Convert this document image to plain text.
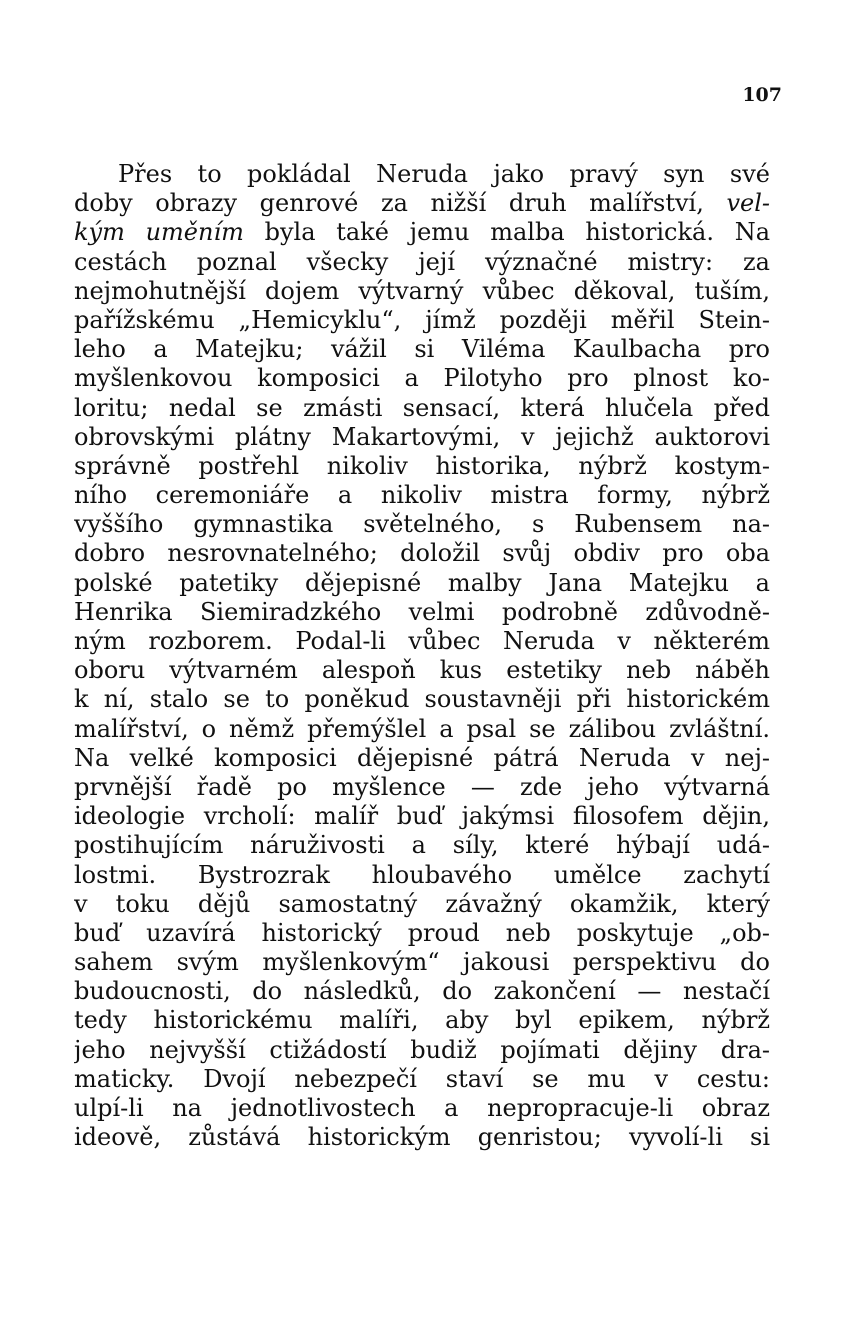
107
Přes to pokládal Neruda jako pravý syn své
doby obrazy genrové za nižší druh malířství, vel-
kým uměním byla také jemu malba historická. Na
cestách poznal všecky její význačné mistry: za
nejmohutnější dojem výtvarný vůbec děkoval, tuším,
pařížskému „Hemicyklu“, jímž později měřil Stein-
leho a Matejku; vážil si Viléma Kaulbacha pro
myšlenkovou komposici a Pilotyho pro plnost ko-
loritu; nedal se zmásti sensací, která hlučela před
obrovskými plátny Makartovými, v jejichž auktorovi
správně postřehl nikoliv historika, nýbrž kostym-
ního ceremoniáře a nikoliv mistra formy, nýbrž
vyššího gymnastika světelného, s Rubensem na-
dobro nesrovnatelného; doložil svůj obdiv pro oba
polské patetiky dějepisné malby Jana Matejku a
Henrika Siemiradzkého velmi podrobně zdůvodně-
ným rozborem. Podal-li vůbec Neruda v některém
oboru výtvarném alespoň kus estetiky neb náběh
k ní, stalo se to poněkud soustavněji při historickém
malířství, o němž přemýšlel a psal se zálibou zvláštní.
Na velké komposici dějepisné pátrá Neruda v nej-
prvnější řadě po myšlence — zde jeho výtvarná
ideologie vrcholí: malíř buď jakýmsi filosofem dějin,
postihujícím náruživosti a síly, které hýbají udá-
lostmi. Bystrozrak hloubavého umělce zachytí
v toku dějů samostatný závažný okamžik, který
buď uzavírá historický proud neb poskytuje „ob-
sahem svým myšlenkovým“ jakousi perspektivu do
budoucnosti, do následků, do zakončení — nestačí
tedy historickému malíři, aby byl epikem, nýbrž
jeho nejvyšší ctižádostí budiž pojímati dějiny dra-
maticky. Dvojí nebezpečí staví se mu v cestu:
ulpí-li na jednotlivostech a nepropracuje-li obraz
ideově, zůstává historickým genristou; vyvolí-li si
